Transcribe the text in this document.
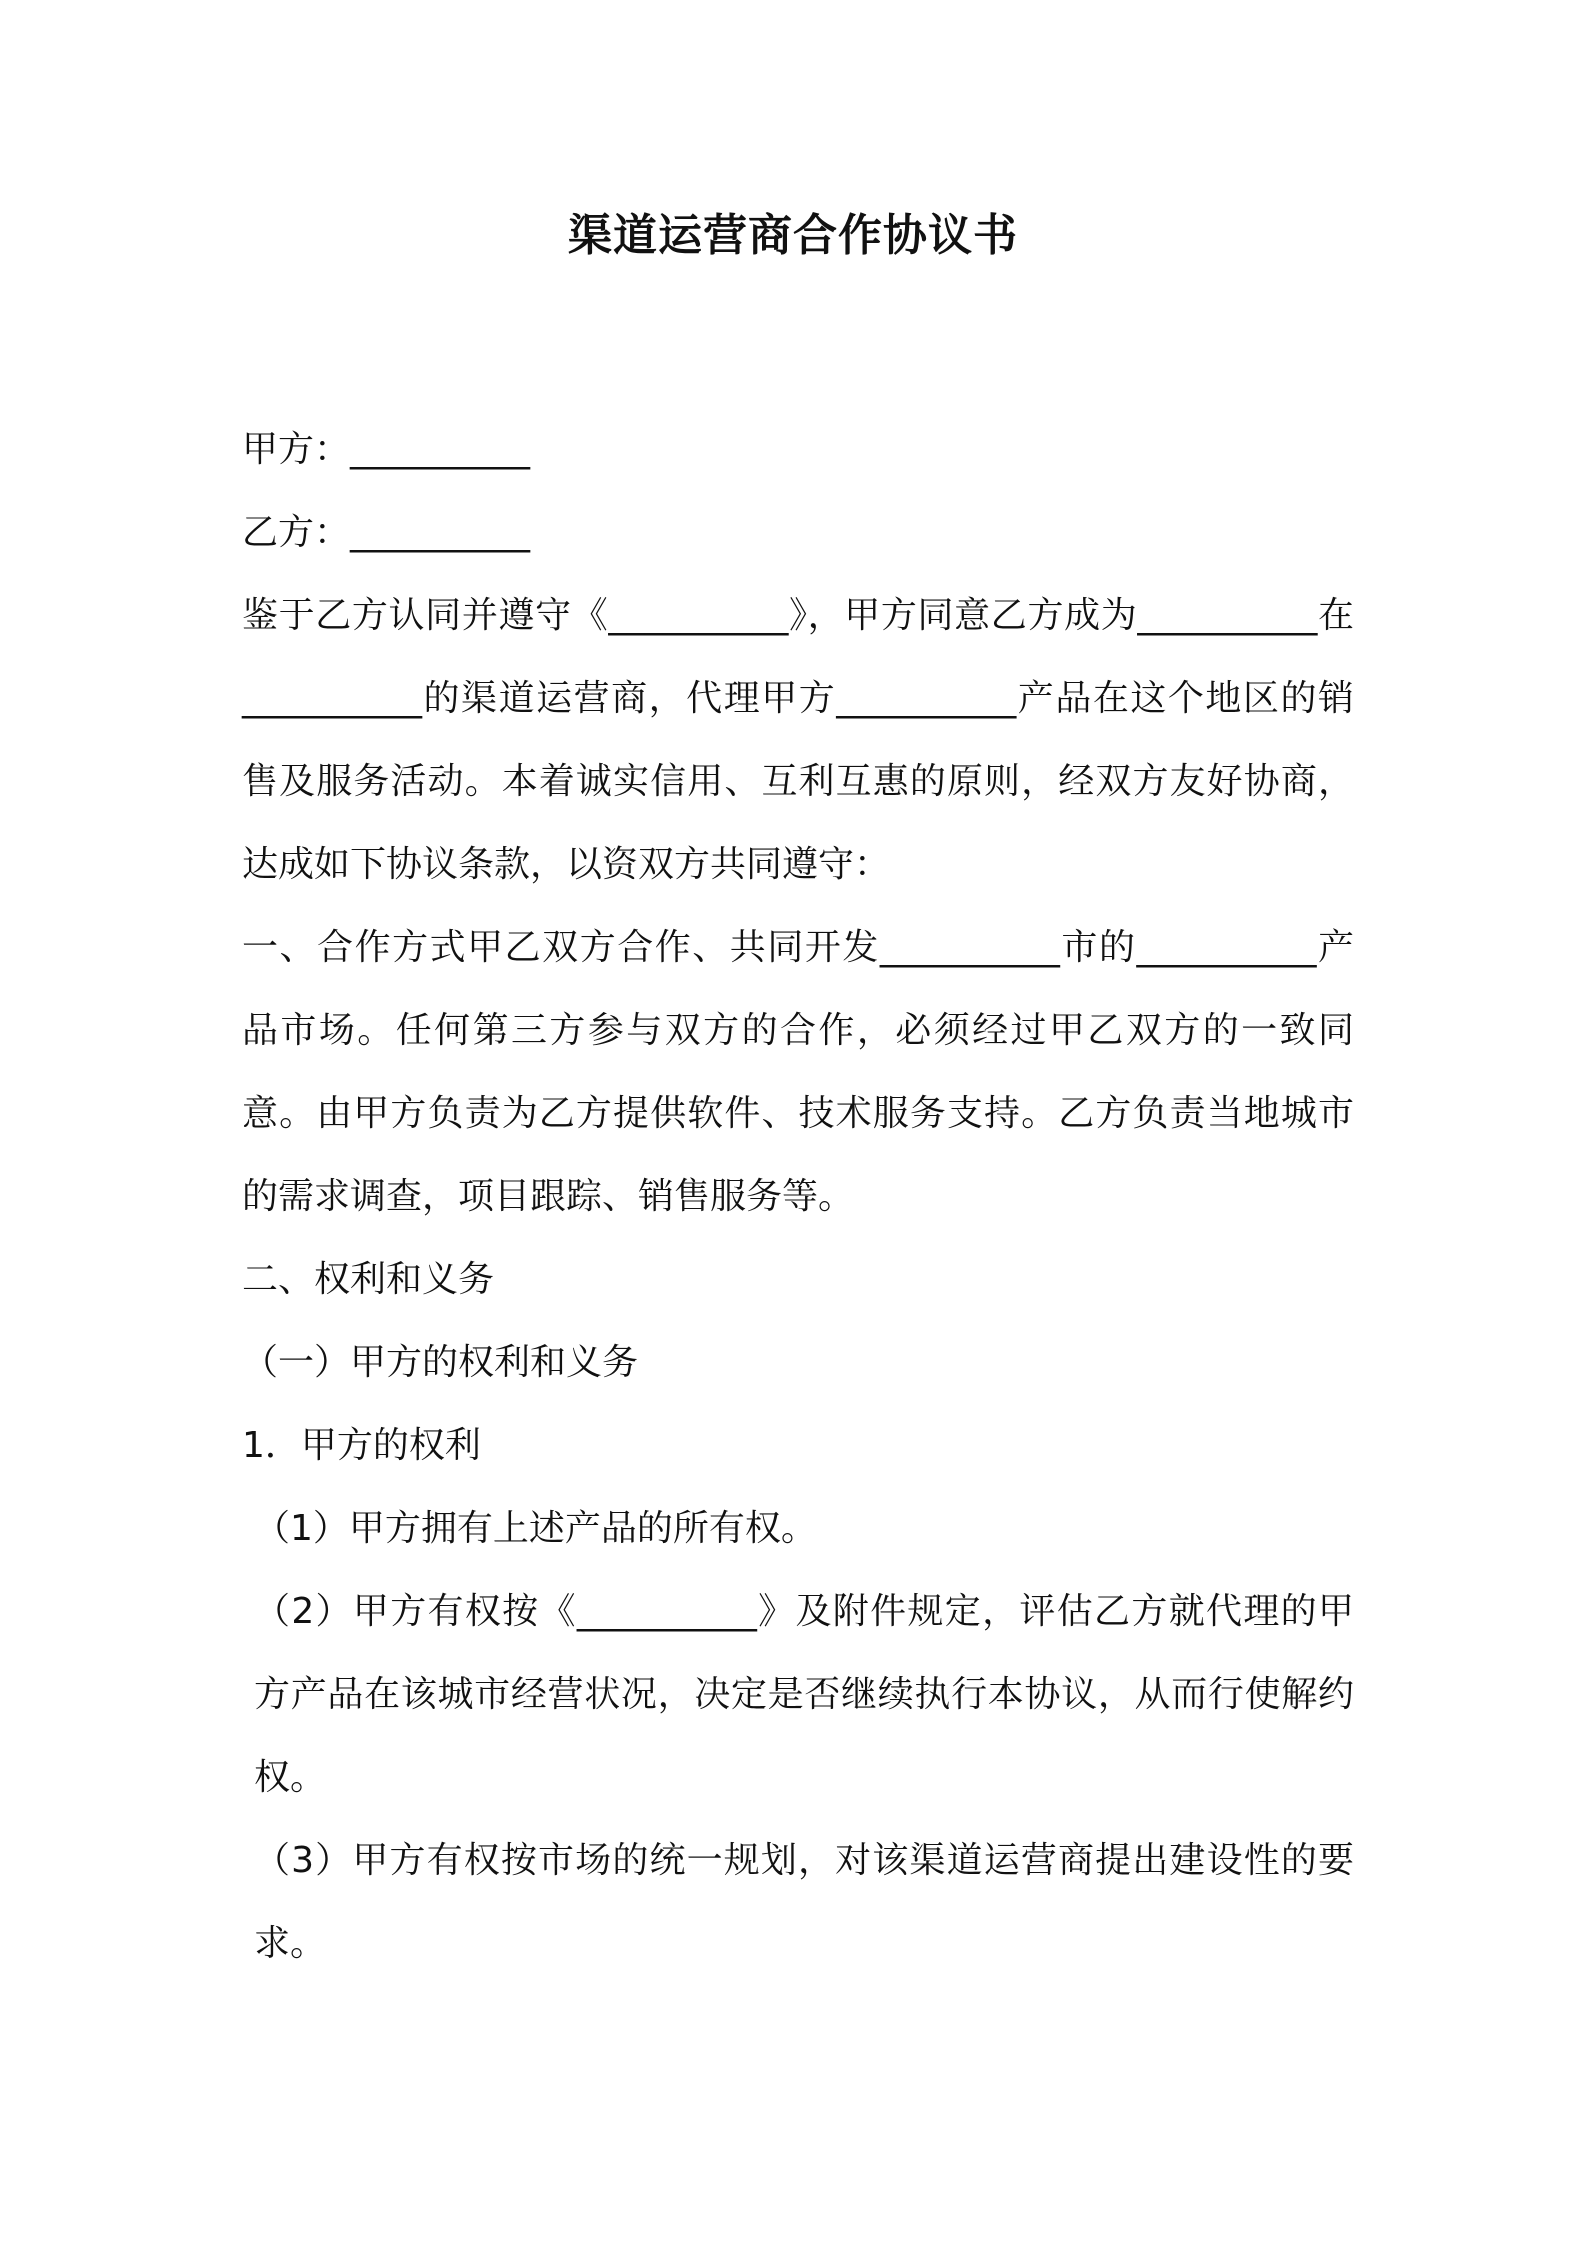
渠道运营商合作协议书

甲方：__________

乙方：__________

鉴于乙方认同并遵守《__________》，甲方同意乙方成为__________在__________的渠道运营商，代理甲方__________产品在这个地区的销售及服务活动。本着诚实信用、互利互惠的原则，经双方友好协商，达成如下协议条款，以资双方共同遵守：

一、合作方式甲乙双方合作、共同开发__________市的__________产品市场。任何第三方参与双方的合作，必须经过甲乙双方的一致同意。由甲方负责为乙方提供软件、技术服务支持。乙方负责当地城市的需求调查，项目跟踪、销售服务等。

二、权利和义务

（一）甲方的权利和义务

1．甲方的权利

（1）甲方拥有上述产品的所有权。

（2）甲方有权按《__________》及附件规定，评估乙方就代理的甲方产品在该城市经营状况，决定是否继续执行本协议，从而行使解约权。

（3）甲方有权按市场的统一规划，对该渠道运营商提出建设性的要求。
